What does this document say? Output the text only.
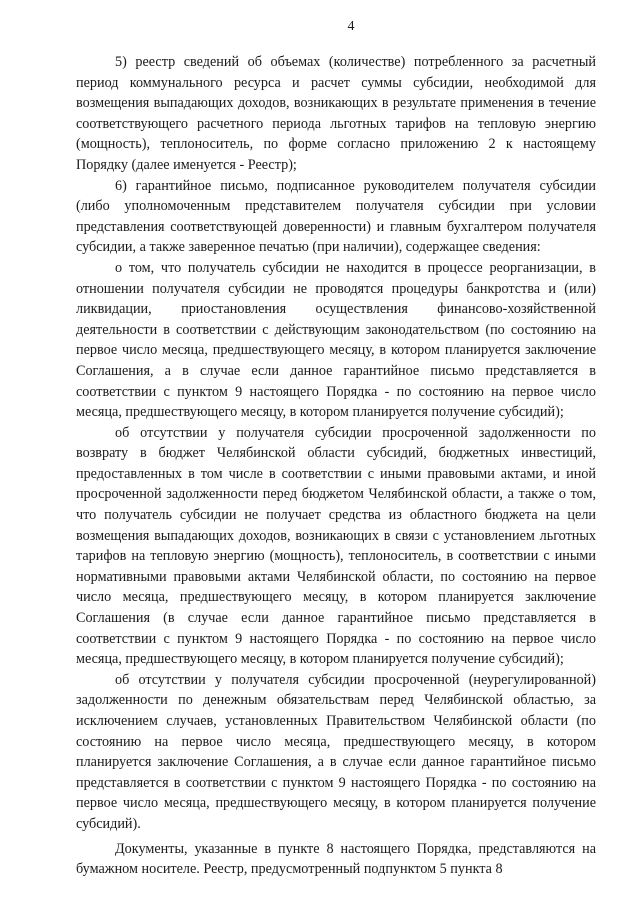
4

5) реестр сведений об объемах (количестве) потребленного за расчетный период коммунального ресурса и расчет суммы субсидии, необходимой для возмещения выпадающих доходов, возникающих в результате применения в течение соответствующего расчетного периода льготных тарифов на тепловую энергию (мощность), теплоноситель, по форме согласно приложению 2 к настоящему Порядку (далее именуется - Реестр);

6) гарантийное письмо, подписанное руководителем получателя субсидии (либо уполномоченным представителем получателя субсидии при условии представления соответствующей доверенности) и главным бухгалтером получателя субсидии, а также заверенное печатью (при наличии), содержащее сведения:

о том, что получатель субсидии не находится в процессе реорганизации, в отношении получателя субсидии не проводятся процедуры банкротства и (или) ликвидации, приостановления осуществления финансово-хозяйственной деятельности в соответствии с действующим законодательством (по состоянию на первое число месяца, предшествующего месяцу, в котором планируется заключение Соглашения, а в случае если данное гарантийное письмо представляется в соответствии с пунктом 9 настоящего Порядка - по состоянию на первое число месяца, предшествующего месяцу, в котором планируется получение субсидий);

об отсутствии у получателя субсидии просроченной задолженности по возврату в бюджет Челябинской области субсидий, бюджетных инвестиций, предоставленных в том числе в соответствии с иными правовыми актами, и иной просроченной задолженности перед бюджетом Челябинской области, а также о том, что получатель субсидии не получает средства из областного бюджета на цели возмещения выпадающих доходов, возникающих в связи с установлением льготных тарифов на тепловую энергию (мощность), теплоноситель, в соответствии с иными нормативными правовыми актами Челябинской области, по состоянию на первое число месяца, предшествующего месяцу, в котором планируется заключение Соглашения (в случае если данное гарантийное письмо представляется в соответствии с пунктом 9 настоящего Порядка - по состоянию на первое число месяца, предшествующего месяцу, в котором планируется получение субсидий);

об отсутствии у получателя субсидии просроченной (неурегулированной) задолженности по денежным обязательствам перед Челябинской областью, за исключением случаев, установленных Правительством Челябинской области (по состоянию на первое число месяца, предшествующего месяцу, в котором планируется заключение Соглашения, а в случае если данное гарантийное письмо представляется в соответствии с пунктом 9 настоящего Порядка - по состоянию на первое число месяца, предшествующего месяцу, в котором планируется получение субсидий).

Документы, указанные в пункте 8 настоящего Порядка, представляются на бумажном носителе. Реестр, предусмотренный подпунктом 5 пункта 8
